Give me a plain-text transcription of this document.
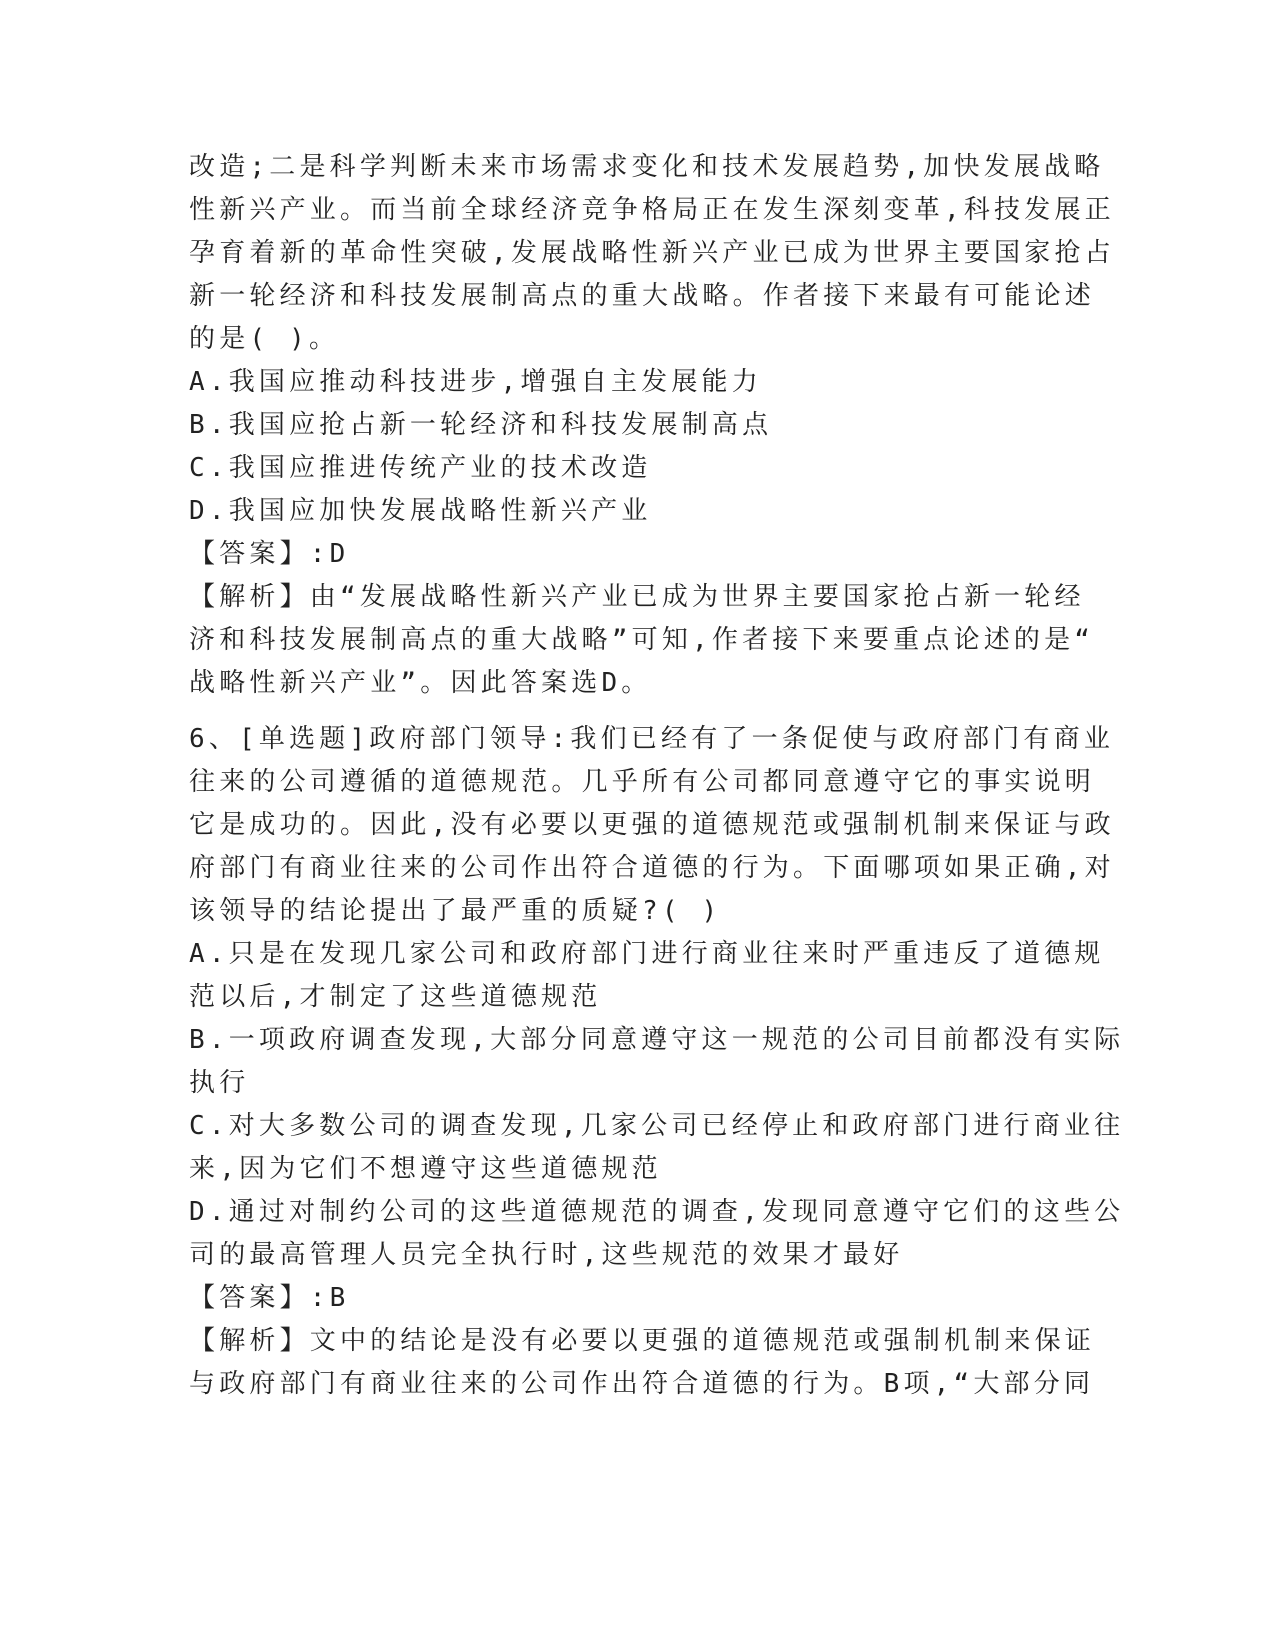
改造;二是科学判断未来市场需求变化和技术发展趋势,加快发展战略
性新兴产业。而当前全球经济竞争格局正在发生深刻变革,科技发展正
孕育着新的革命性突破,发展战略性新兴产业已成为世界主要国家抢占
新一轮经济和科技发展制高点的重大战略。作者接下来最有可能论述
的是( )。
A.我国应推动科技进步,增强自主发展能力
B.我国应抢占新一轮经济和科技发展制高点
C.我国应推进传统产业的技术改造
D.我国应加快发展战略性新兴产业
【答案】:D
【解析】由“发展战略性新兴产业已成为世界主要国家抢占新一轮经
济和科技发展制高点的重大战略”可知,作者接下来要重点论述的是“
战略性新兴产业”。因此答案选D。
6、[单选题]政府部门领导:我们已经有了一条促使与政府部门有商业
往来的公司遵循的道德规范。几乎所有公司都同意遵守它的事实说明
它是成功的。因此,没有必要以更强的道德规范或强制机制来保证与政
府部门有商业往来的公司作出符合道德的行为。下面哪项如果正确,对
该领导的结论提出了最严重的质疑?( )
A.只是在发现几家公司和政府部门进行商业往来时严重违反了道德规
范以后,才制定了这些道德规范
B.一项政府调查发现,大部分同意遵守这一规范的公司目前都没有实际
执行
C.对大多数公司的调查发现,几家公司已经停止和政府部门进行商业往
来,因为它们不想遵守这些道德规范
D.通过对制约公司的这些道德规范的调查,发现同意遵守它们的这些公
司的最高管理人员完全执行时,这些规范的效果才最好
【答案】:B
【解析】文中的结论是没有必要以更强的道德规范或强制机制来保证
与政府部门有商业往来的公司作出符合道德的行为。B项,“大部分同
